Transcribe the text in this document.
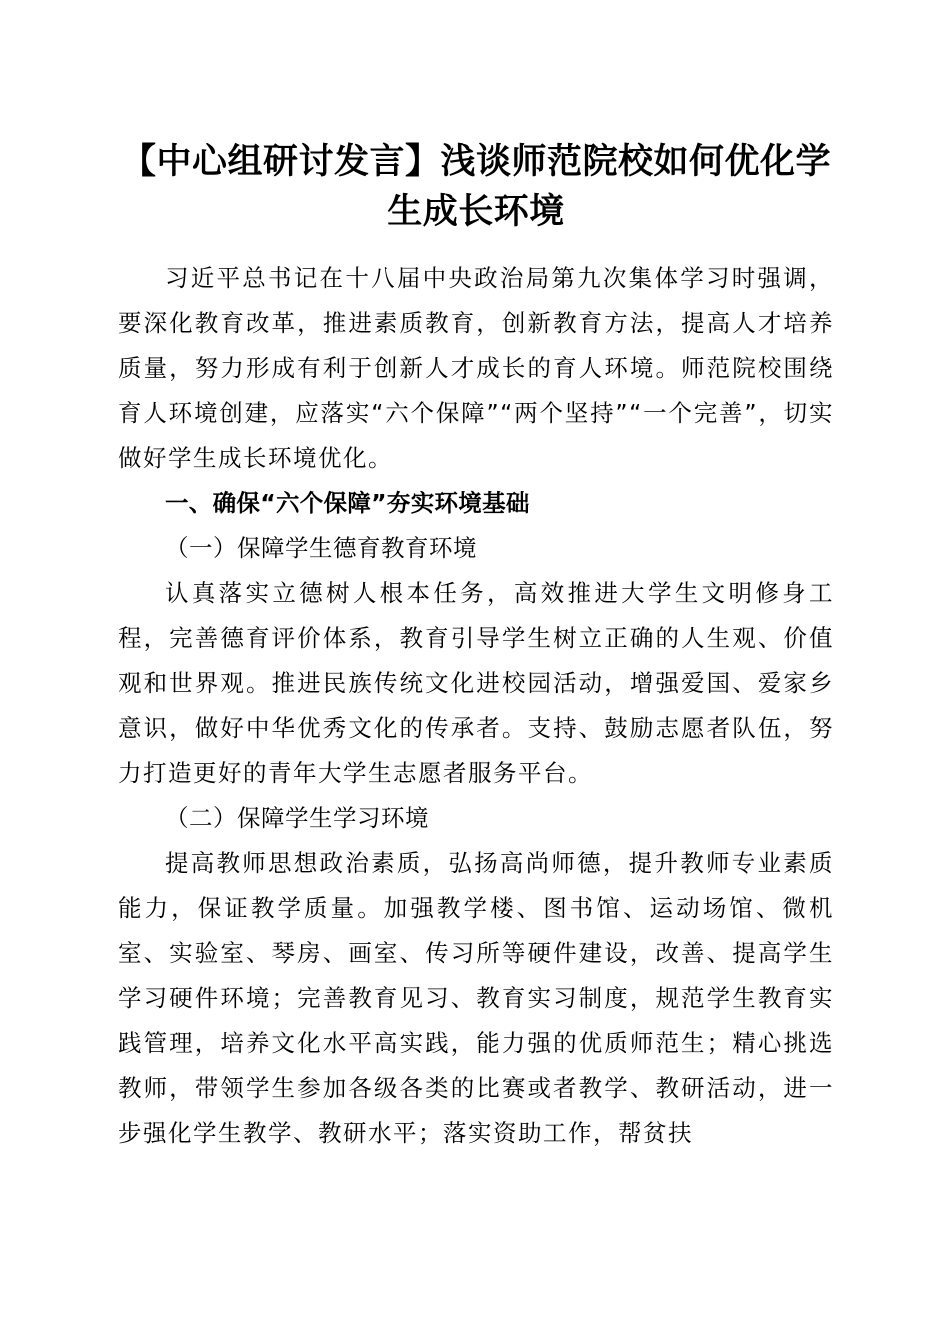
【中心组研讨发言】浅谈师范院校如何优化学
生成长环境

习近平总书记在十八届中央政治局第九次集体学习时强调，要深化教育改革，推进素质教育，创新教育方法，提高人才培养质量，努力形成有利于创新人才成长的育人环境。师范院校围绕育人环境创建，应落实“六个保障”“两个坚持”“一个完善”，切实做好学生成长环境优化。

一、确保“六个保障”夯实环境基础

（一）保障学生德育教育环境

认真落实立德树人根本任务，高效推进大学生文明修身工程，完善德育评价体系，教育引导学生树立正确的人生观、价值观和世界观。推进民族传统文化进校园活动，增强爱国、爱家乡意识，做好中华优秀文化的传承者。支持、鼓励志愿者队伍，努力打造更好的青年大学生志愿者服务平台。

（二）保障学生学习环境

提高教师思想政治素质，弘扬高尚师德，提升教师专业素质能力，保证教学质量。加强教学楼、图书馆、运动场馆、微机室、实验室、琴房、画室、传习所等硬件建设，改善、提高学生学习硬件环境；完善教育见习、教育实习制度，规范学生教育实践管理，培养文化水平高实践，能力强的优质师范生；精心挑选教师，带领学生参加各级各类的比赛或者教学、教研活动，进一步强化学生教学、教研水平；落实资助工作，帮贫扶
